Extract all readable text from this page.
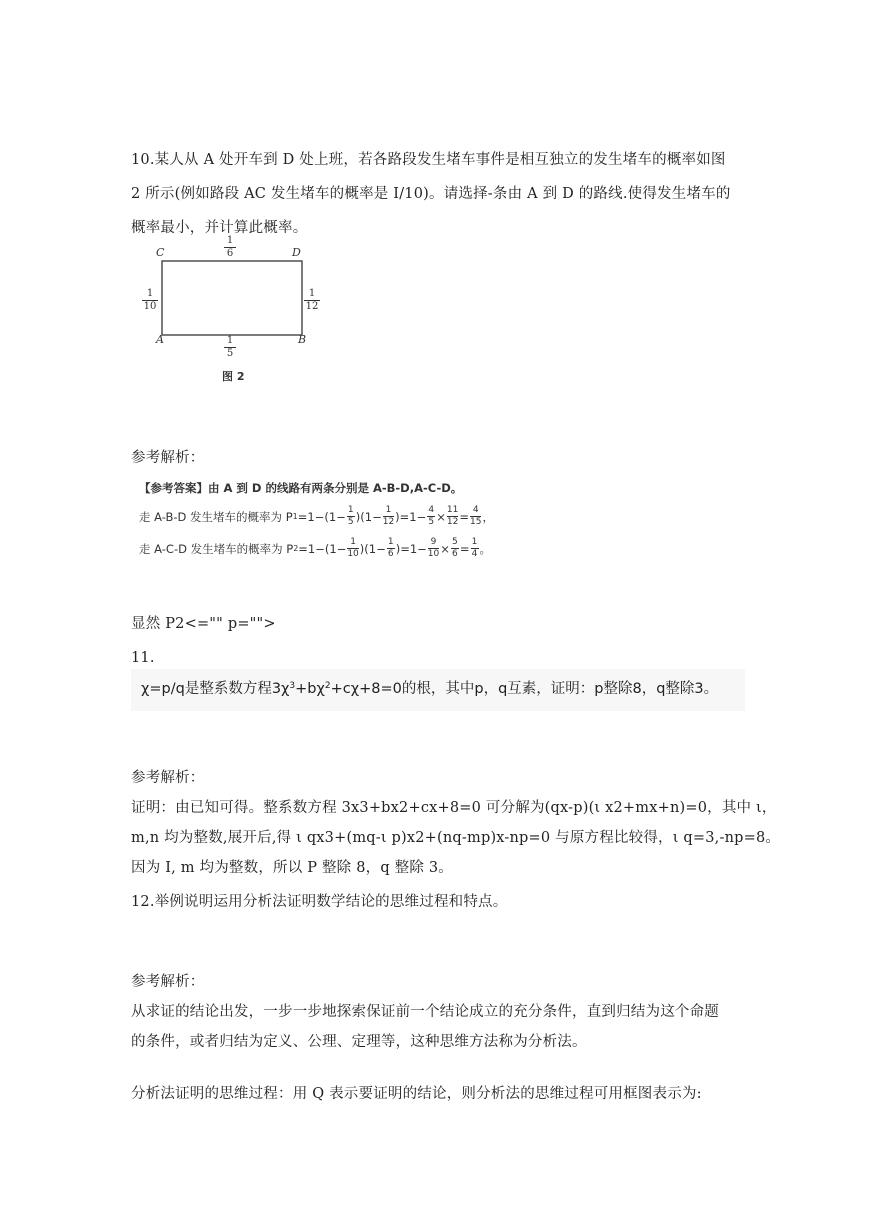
10.某人从 A 处开车到 D 处上班，若各路段发生堵车事件是相互独立的发生堵车的概率如图
2 所示(例如路段 AC 发生堵车的概率是 I/10)。请选择-条由 A 到 D 的路线.使得发生堵车的
概率最小，并计算此概率。
C	D
A	B
1
6
1
10
1
12
1
5
图 2
参考解析：
【参考答案】由 A 到 D 的线路有两条分别是 A-B-D,A-C-D。
走 A-B-D 发生堵车的概率为 P 1 =1−(1− 1
5 )(1− 1
12 )=1− 4
5 × 11
12 = 4
15 ，
走 A-C-D 发生堵车的概率为 P 2 =1−(1− 1
10 )(1− 1
6 )=1− 9
10 × 5
6 = 1
4 。
显然 P2<="" p="">
11.
χ=p/q是整系数方程$3\chi^3+b\chi^2+c\chi+8=0$的根，其中p，q互素，证明：p整除8，q整除3。
参考解析：
证明：由已知可得。整系数方程 3x3+bx2+cx+8=0 可分解为(qx-p)(ι x2+mx+n)=0，其中 ι，
m,n 均为整数,展开后,得 ι qx3+(mq-ι p)x2+(nq-mp)x-np=0 与原方程比较得，ι q=3,-np=8。
因为 I, m 均为整数，所以 P 整除 8，q 整除 3。
12.举例说明运用分析法证明数学结论的思维过程和特点。
参考解析：
从求证的结论出发，一步一步地探索保证前一个结论成立的充分条件，直到归结为这个命题
的条件，或者归结为定义、公理、定理等，这种思维方法称为分析法。
分析法证明的思维过程：用 Q 表示要证明的结论，则分析法的思维过程可用框图表示为:
